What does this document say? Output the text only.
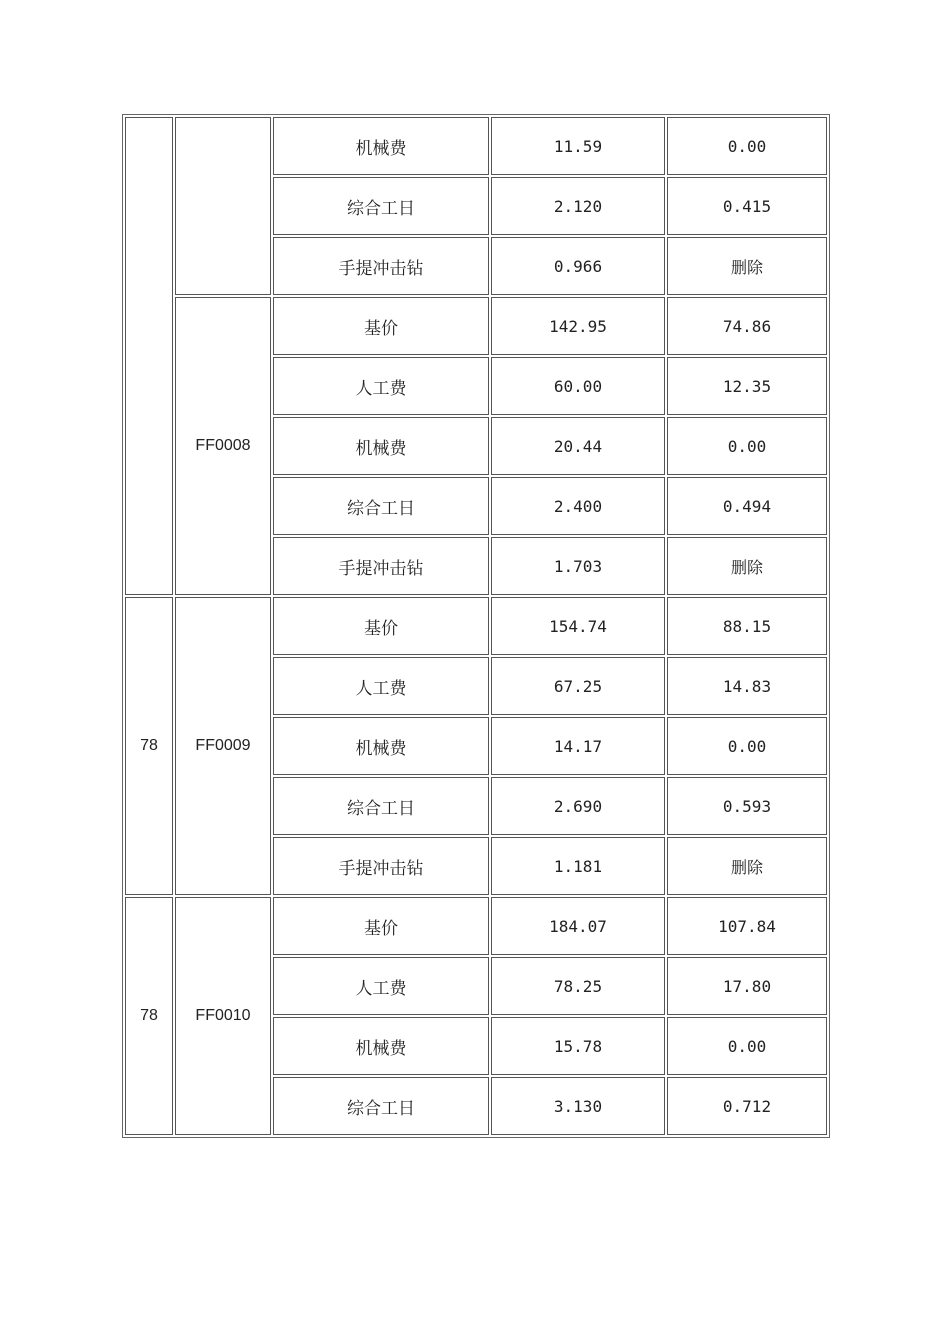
		机械费	11.59	0.00
		综合工日	2.120	0.415
		手提冲击钻	0.966	删除
	FF0008	基价	142.95	74.86
		人工费	60.00	12.35
		机械费	20.44	0.00
		综合工日	2.400	0.494
		手提冲击钻	1.703	删除
78	FF0009	基价	154.74	88.15
		人工费	67.25	14.83
		机械费	14.17	0.00
		综合工日	2.690	0.593
		手提冲击钻	1.181	删除
78	FF0010	基价	184.07	107.84
		人工费	78.25	17.80
		机械费	15.78	0.00
		综合工日	3.130	0.712
